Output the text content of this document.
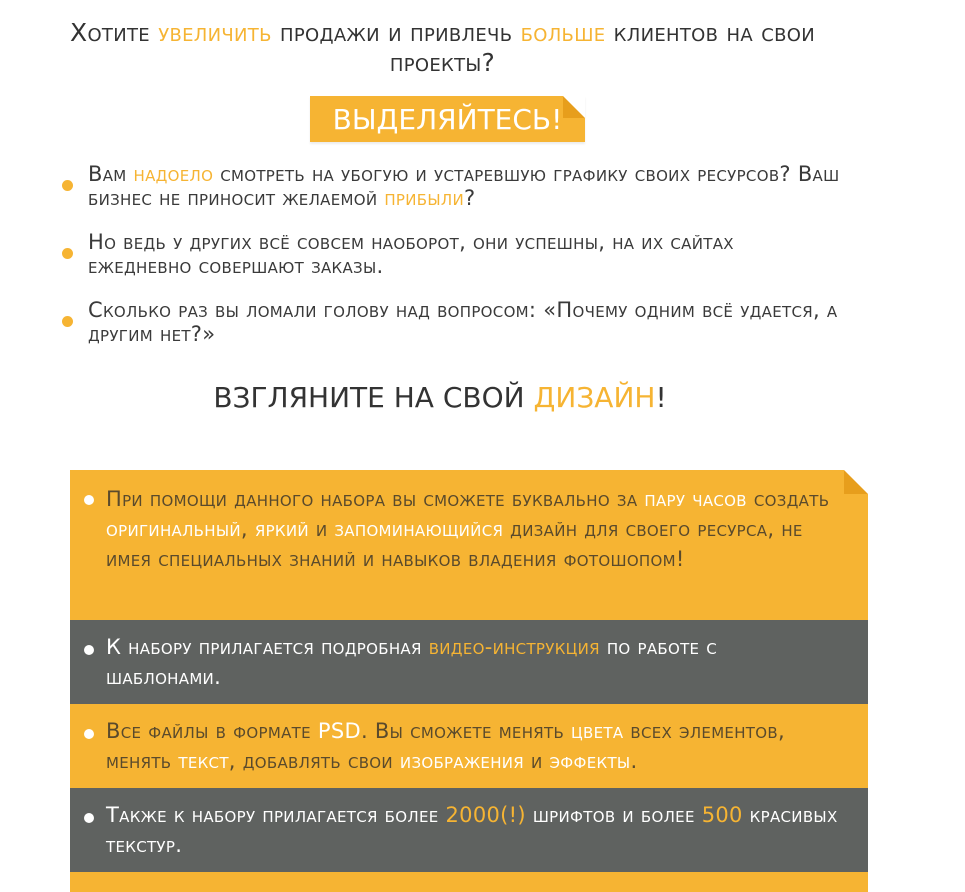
Хотите увеличить продажи и привлечь больше клиентов на свои проекты?
ВЫДЕЛЯЙТЕСЬ!
Вам надоело смотреть на убогую и устаревшую графику своих ресурсов? Ваш бизнес не приносит желаемой прибыли?
Но ведь у других всё совсем наоборот, они успешны, на их сайтах ежедневно совершают заказы.
Сколько раз вы ломали голову над вопросом: «Почему одним всё удается, а другим нет?»
ВЗГЛЯНИТЕ НА СВОЙ ДИЗАЙН!
При помощи данного набора вы сможете буквально за пару часов создать оригинальный, яркий и запоминающийся дизайн для своего ресурса, не имея специальных знаний и навыков владения фотошопом!
К набору прилагается подробная видео-инструкция по работе с шаблонами.
Все файлы в формате PSD. Вы сможете менять цвета всех элементов, менять текст, добавлять свои изображения и эффекты.
Также к набору прилагается более 2000(!) шрифтов и более 500 красивых текстур.
